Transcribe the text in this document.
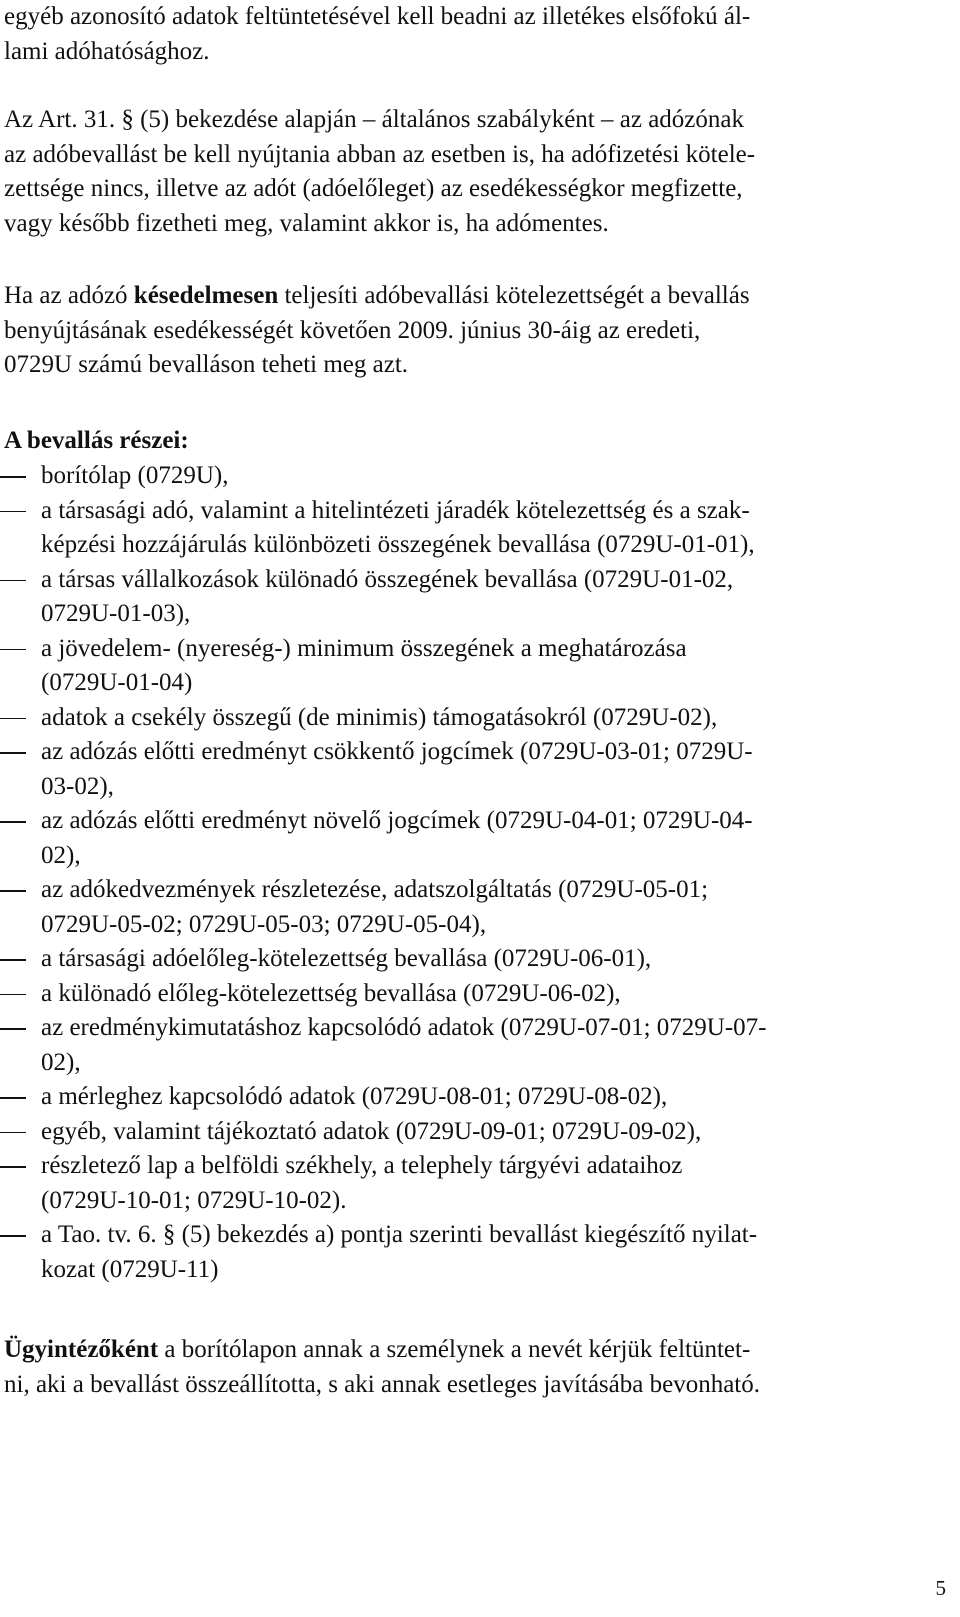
egyéb azonosító adatok feltüntetésével kell beadni az illetékes elsőfokú ál-
lami adóhatósághoz.

Az Art. 31. § (5) bekezdése alapján – általános szabályként – az adózónak
az adóbevallást be kell nyújtania abban az esetben is, ha adófizetési kötele-
zettsége nincs, illetve az adót (adóelőleget) az esedékességkor megfizette,
vagy később fizetheti meg, valamint akkor is, ha adómentes.

Ha az adózó késedelmesen teljesíti adóbevallási kötelezettségét a bevallás
benyújtásának esedékességét követően 2009. június 30-áig az eredeti,
0729U számú bevalláson teheti meg azt.

A bevallás részei:
borítólap (0729U),
a társasági adó, valamint a hitelintézeti járadék kötelezettség és a szak-
képzési hozzájárulás különbözeti összegének bevallása (0729U-01-01),
a társas vállalkozások különadó összegének bevallása (0729U-01-02,
0729U-01-03),
a jövedelem- (nyereség-) minimum összegének a meghatározása
(0729U-01-04)
adatok a csekély összegű (de minimis) támogatásokról (0729U-02),
az adózás előtti eredményt csökkentő jogcímek (0729U-03-01; 0729U-
03-02),
az adózás előtti eredményt növelő jogcímek (0729U-04-01; 0729U-04-
02),
az adókedvezmények részletezése, adatszolgáltatás (0729U-05-01;
0729U-05-02; 0729U-05-03; 0729U-05-04),
a társasági adóelőleg-kötelezettség bevallása (0729U-06-01),
a különadó előleg-kötelezettség bevallása (0729U-06-02),
az eredménykimutatáshoz kapcsolódó adatok (0729U-07-01; 0729U-07-
02),
a mérleghez kapcsolódó adatok (0729U-08-01; 0729U-08-02),
egyéb, valamint tájékoztató adatok (0729U-09-01; 0729U-09-02),
részletező lap a belföldi székhely, a telephely tárgyévi adataihoz
(0729U-10-01; 0729U-10-02).
a Tao. tv. 6. § (5) bekezdés a) pontja szerinti bevallást kiegészítő nyilat-
kozat (0729U-11)

Ügyintézőként a borítólapon annak a személynek a nevét kérjük feltüntet-
ni, aki a bevallást összeállította, s aki annak esetleges javításába bevonható.

5
